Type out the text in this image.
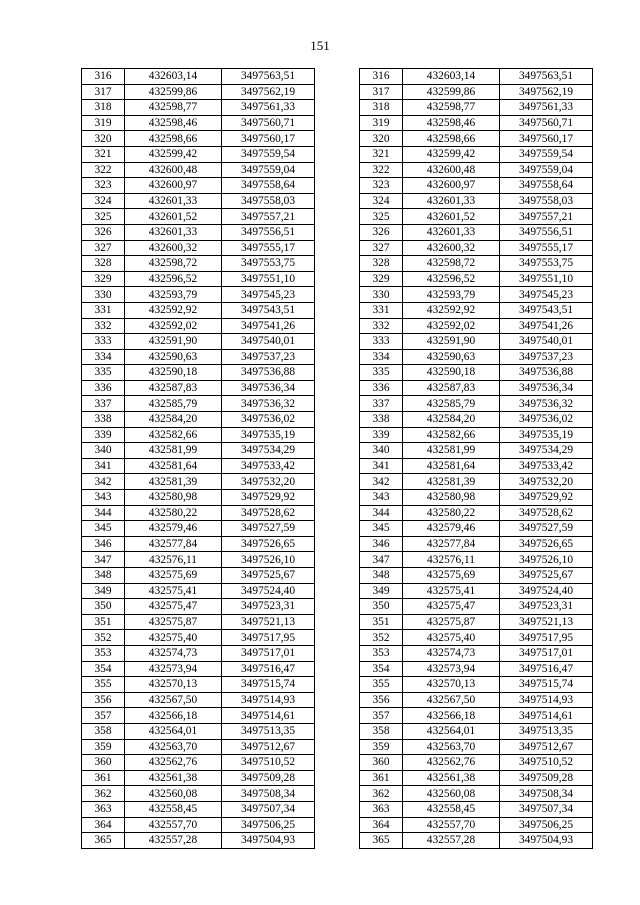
151
316	432603,14	3497563,51		316	432603,14	3497563,51
317	432599,86	3497562,19		317	432599,86	3497562,19
318	432598,77	3497561,33		318	432598,77	3497561,33
319	432598,46	3497560,71		319	432598,46	3497560,71
320	432598,66	3497560,17		320	432598,66	3497560,17
321	432599,42	3497559,54		321	432599,42	3497559,54
322	432600,48	3497559,04		322	432600,48	3497559,04
323	432600,97	3497558,64		323	432600,97	3497558,64
324	432601,33	3497558,03		324	432601,33	3497558,03
325	432601,52	3497557,21		325	432601,52	3497557,21
326	432601,33	3497556,51		326	432601,33	3497556,51
327	432600,32	3497555,17		327	432600,32	3497555,17
328	432598,72	3497553,75		328	432598,72	3497553,75
329	432596,52	3497551,10		329	432596,52	3497551,10
330	432593,79	3497545,23		330	432593,79	3497545,23
331	432592,92	3497543,51		331	432592,92	3497543,51
332	432592,02	3497541,26		332	432592,02	3497541,26
333	432591,90	3497540,01		333	432591,90	3497540,01
334	432590,63	3497537,23		334	432590,63	3497537,23
335	432590,18	3497536,88		335	432590,18	3497536,88
336	432587,83	3497536,34		336	432587,83	3497536,34
337	432585,79	3497536,32		337	432585,79	3497536,32
338	432584,20	3497536,02		338	432584,20	3497536,02
339	432582,66	3497535,19		339	432582,66	3497535,19
340	432581,99	3497534,29		340	432581,99	3497534,29
341	432581,64	3497533,42		341	432581,64	3497533,42
342	432581,39	3497532,20		342	432581,39	3497532,20
343	432580,98	3497529,92		343	432580,98	3497529,92
344	432580,22	3497528,62		344	432580,22	3497528,62
345	432579,46	3497527,59		345	432579,46	3497527,59
346	432577,84	3497526,65		346	432577,84	3497526,65
347	432576,11	3497526,10		347	432576,11	3497526,10
348	432575,69	3497525,67		348	432575,69	3497525,67
349	432575,41	3497524,40		349	432575,41	3497524,40
350	432575,47	3497523,31		350	432575,47	3497523,31
351	432575,87	3497521,13		351	432575,87	3497521,13
352	432575,40	3497517,95		352	432575,40	3497517,95
353	432574,73	3497517,01		353	432574,73	3497517,01
354	432573,94	3497516,47		354	432573,94	3497516,47
355	432570,13	3497515,74		355	432570,13	3497515,74
356	432567,50	3497514,93		356	432567,50	3497514,93
357	432566,18	3497514,61		357	432566,18	3497514,61
358	432564,01	3497513,35		358	432564,01	3497513,35
359	432563,70	3497512,67		359	432563,70	3497512,67
360	432562,76	3497510,52		360	432562,76	3497510,52
361	432561,38	3497509,28		361	432561,38	3497509,28
362	432560,08	3497508,34		362	432560,08	3497508,34
363	432558,45	3497507,34		363	432558,45	3497507,34
364	432557,70	3497506,25		364	432557,70	3497506,25
365	432557,28	3497504,93		365	432557,28	3497504,93
